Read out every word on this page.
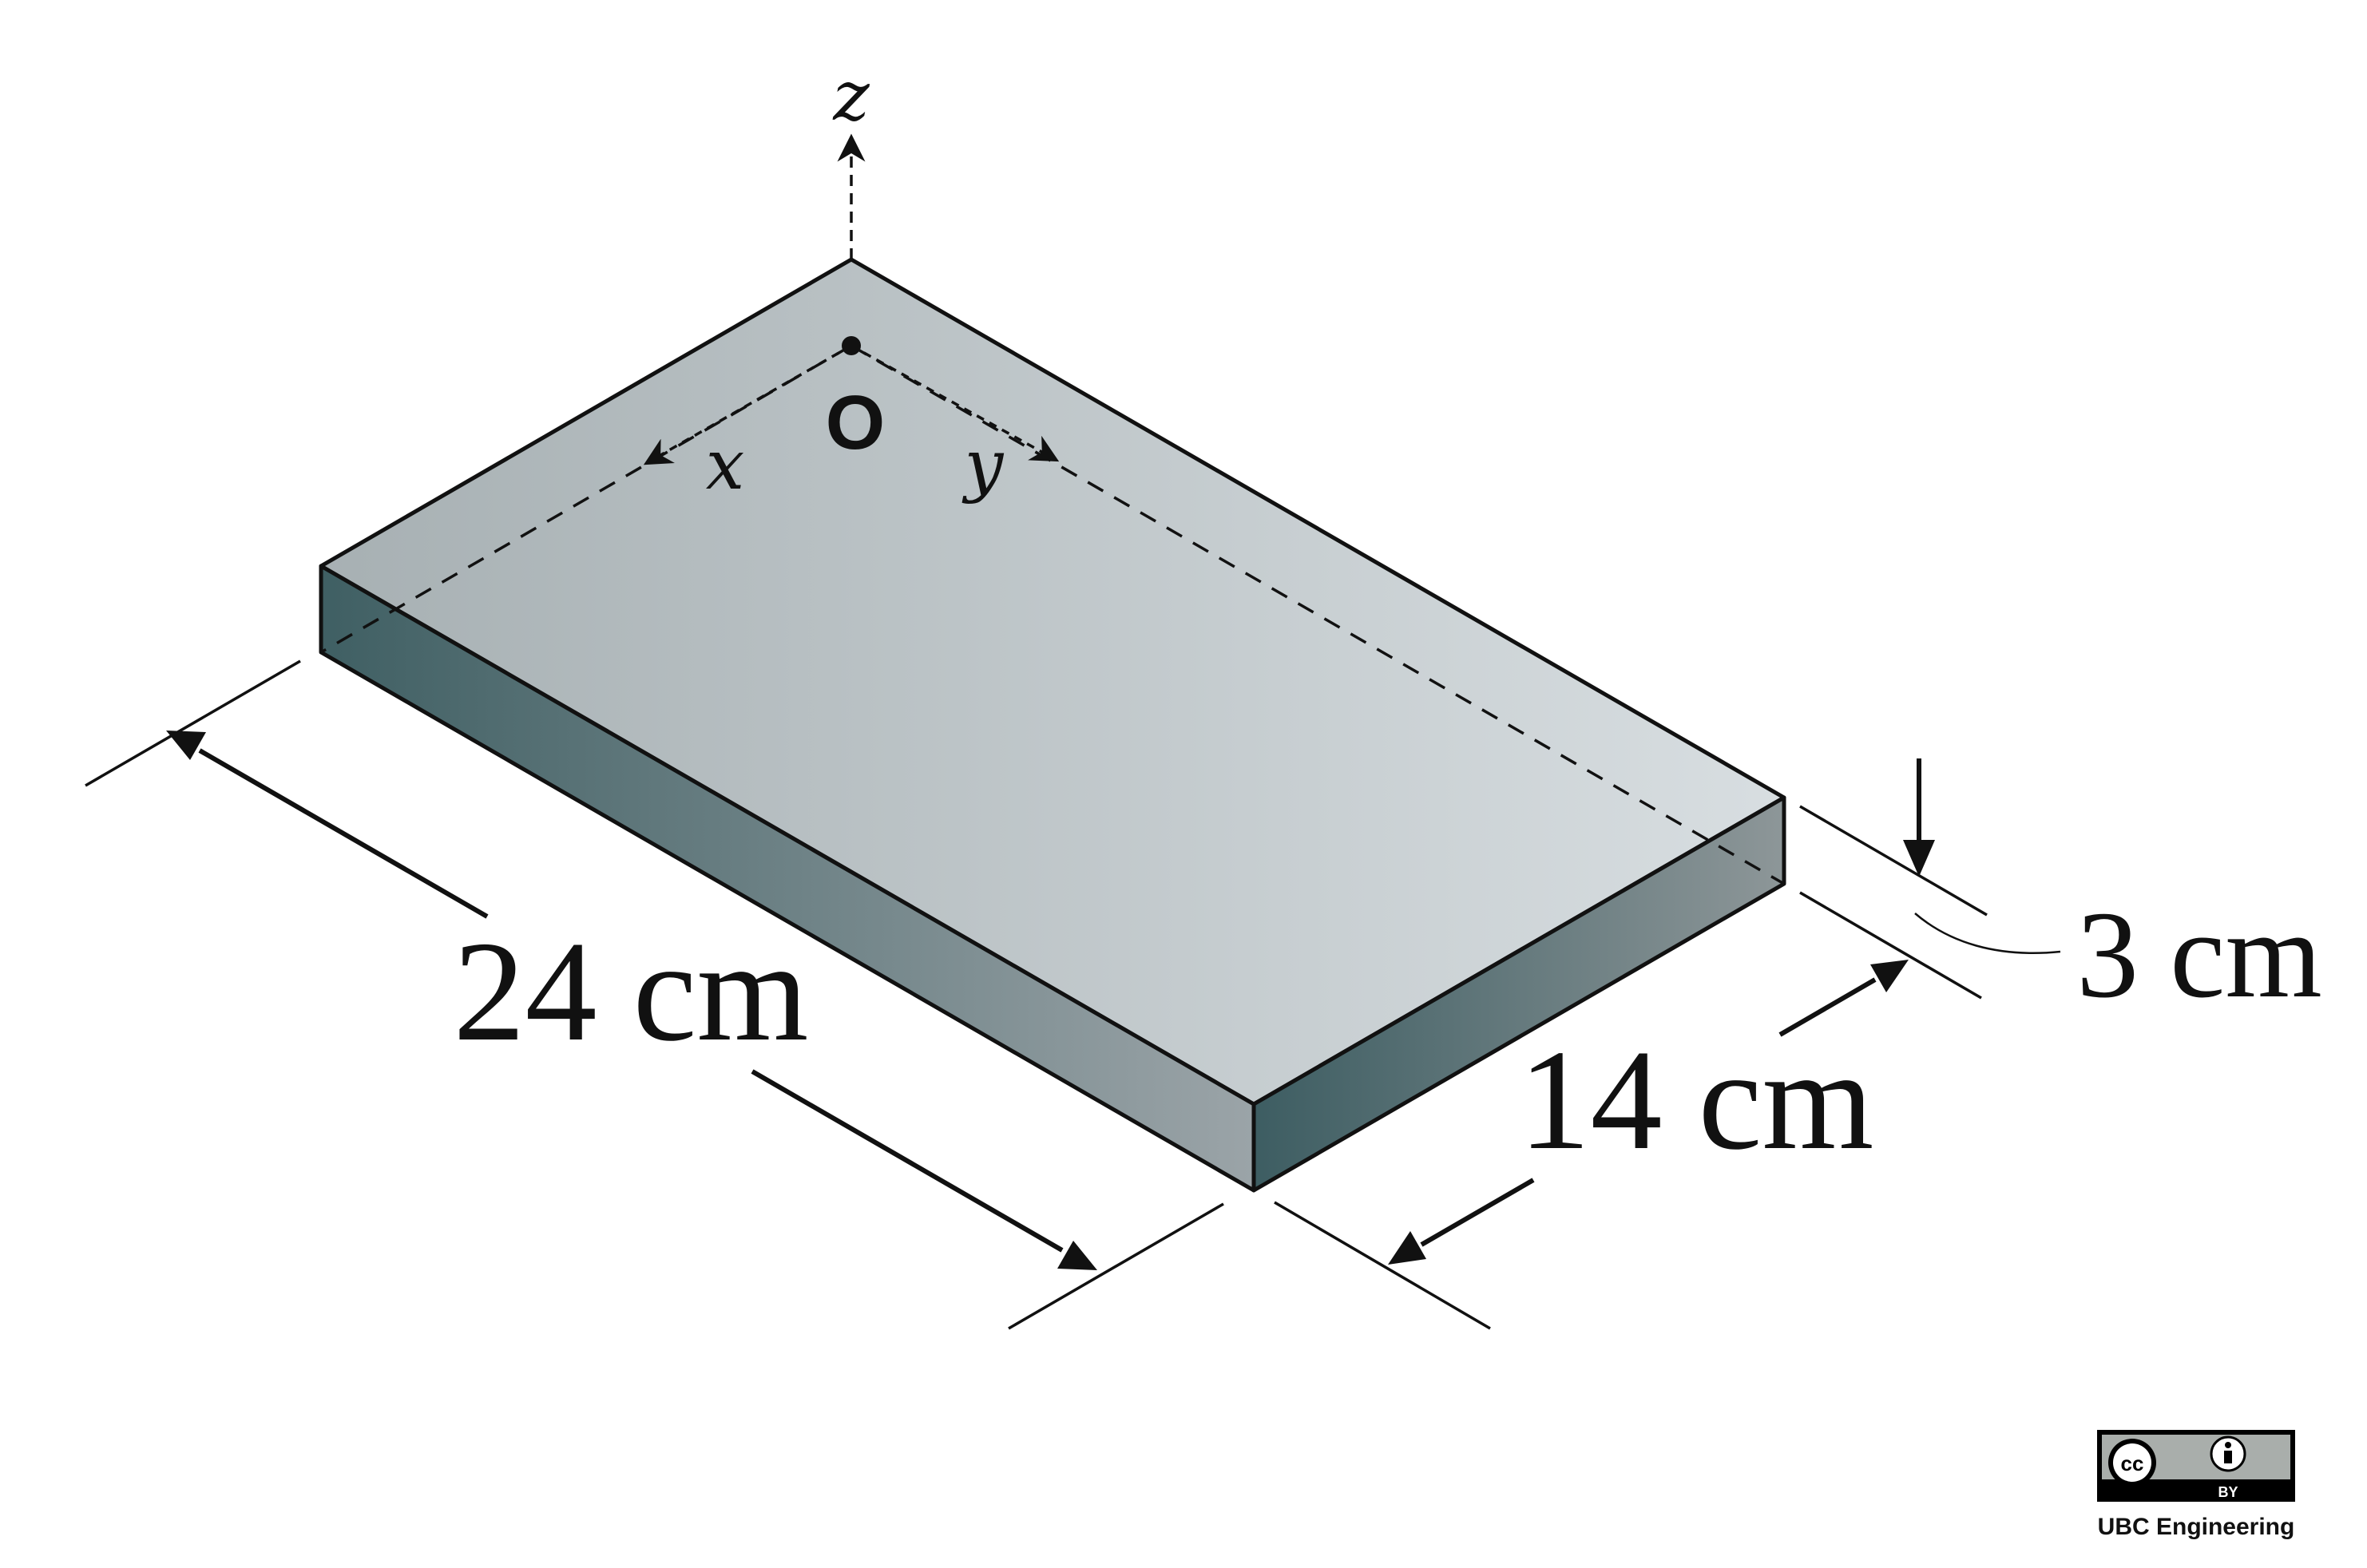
z
x	y
O
24 cm
14 cm
3 cm
cc
BY
UBC Engineering
